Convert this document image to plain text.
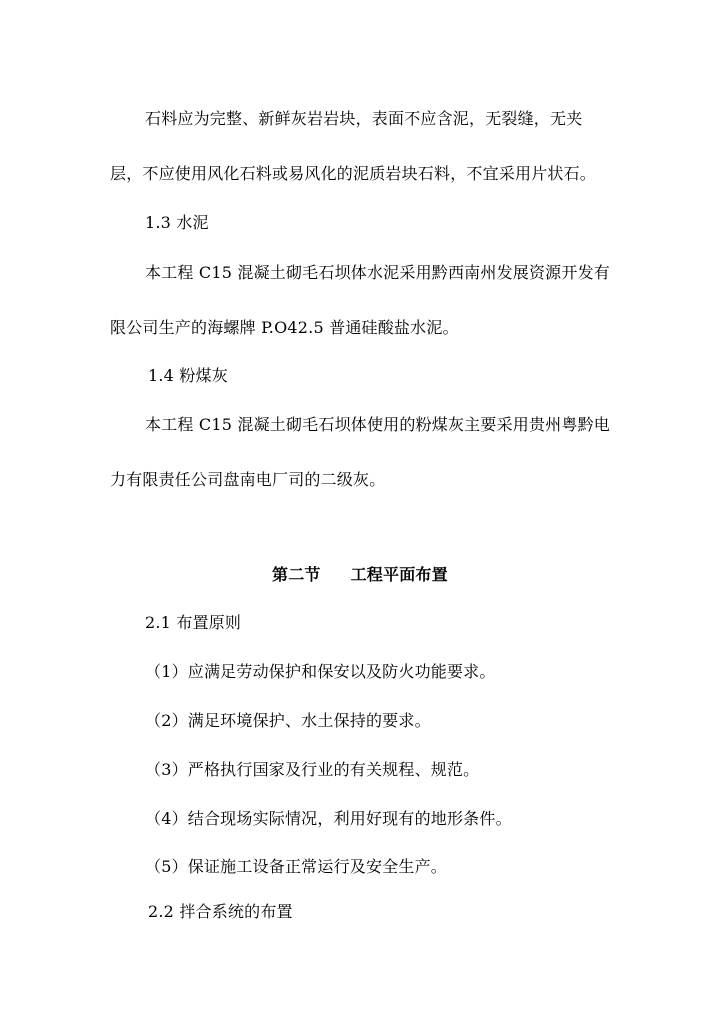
石料应为完整、新鲜灰岩岩块，表面不应含泥，无裂缝，无夹
层，不应使用风化石料或易风化的泥质岩块石料，不宜采用片状石。
1.3 水泥
本工程 C15 混凝土砌毛石坝体水泥采用黔西南州发展资源开发有
限公司生产的海螺牌 P.O42.5 普通硅酸盐水泥。
1.4 粉煤灰
本工程 C15 混凝土砌毛石坝体使用的粉煤灰主要采用贵州粤黔电
力有限责任公司盘南电厂司的二级灰。
第二节 工程平面布置
2.1 布置原则
（1）应满足劳动保护和保安以及防火功能要求。
（2）满足环境保护、水土保持的要求。
（3）严格执行国家及行业的有关规程、规范。
（4）结合现场实际情况，利用好现有的地形条件。
（5）保证施工设备正常运行及安全生产。
2.2 拌合系统的布置
